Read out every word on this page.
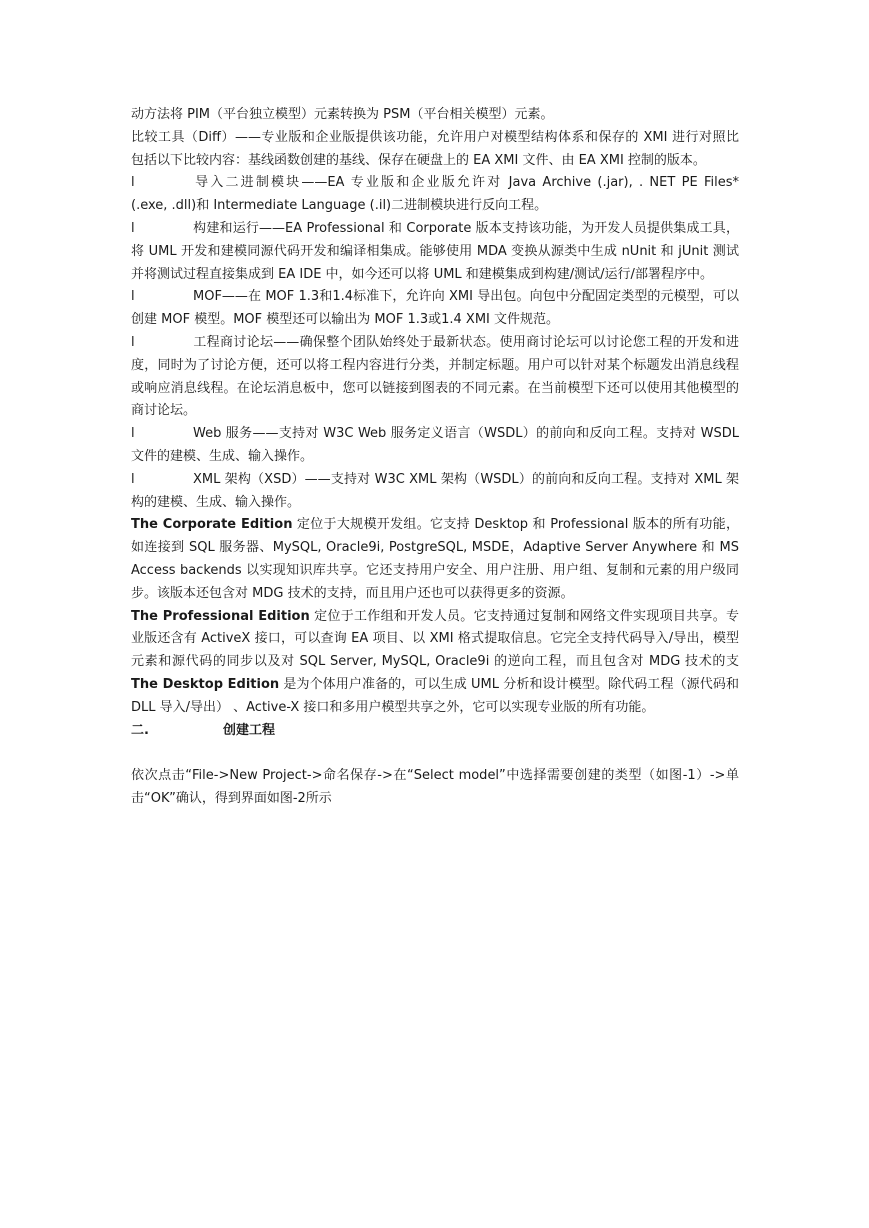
动方法将 PIM（平台独立模型）元素转换为 PSM（平台相关模型）元素。
比较工具（Diff）——专业版和企业版提供该功能，允许用户对模型结构体系和保存的 XMI 进行对照比
包括以下比较内容：基线函数创建的基线、保存在硬盘上的 EA XMI 文件、由 EA XMI 控制的版本。
l	导入二进制模块——EA 专业版和企业版允许对 Java Archive (.jar), . NET PE Files*
(.exe, .dll)和 Intermediate Language (.il)二进制模块进行反向工程。
l	构建和运行——EA Professional 和 Corporate 版本支持该功能，为开发人员提供集成工具，
将 UML 开发和建模同源代码开发和编译相集成。能够使用 MDA 变换从源类中生成 nUnit 和 jUnit 测试
并将测试过程直接集成到 EA IDE 中，如今还可以将 UML 和建模集成到构建/测试/运行/部署程序中。
l	MOF——在 MOF 1.3和1.4标准下，允许向 XMI 导出包。向包中分配固定类型的元模型，可以
创建 MOF 模型。MOF 模型还可以输出为 MOF 1.3或1.4 XMI 文件规范。
l	工程商讨论坛——确保整个团队始终处于最新状态。使用商讨论坛可以讨论您工程的开发和进
度，同时为了讨论方便，还可以将工程内容进行分类，并制定标题。用户可以针对某个标题发出消息线程
或响应消息线程。在论坛消息板中，您可以链接到图表的不同元素。在当前模型下还可以使用其他模型的
商讨论坛。
l	Web 服务——支持对 W3C Web 服务定义语言（WSDL）的前向和反向工程。支持对 WSDL
文件的建模、生成、输入操作。
l	XML 架构（XSD）——支持对 W3C XML 架构（WSDL）的前向和反向工程。支持对 XML 架
构的建模、生成、输入操作。
The Corporate Edition 定位于大规模开发组。它支持 Desktop 和 Professional 版本的所有功能，
如连接到 SQL 服务器、MySQL, Oracle9i, PostgreSQL, MSDE，Adaptive Server Anywhere 和 MS
Access backends 以实现知识库共享。它还支持用户安全、用户注册、用户组、复制和元素的用户级同
步。该版本还包含对 MDG 技术的支持，而且用户还也可以获得更多的资源。
The Professional Edition 定位于工作组和开发人员。它支持通过复制和网络文件实现项目共享。专
业版还含有 ActiveX 接口，可以查询 EA 项目、以 XMI 格式提取信息。它完全支持代码导入/导出，模型
元素和源代码的同步以及对 SQL Server, MySQL, Oracle9i 的逆向工程，而且包含对 MDG 技术的支
The Desktop Edition 是为个体用户准备的，可以生成 UML 分析和设计模型。除代码工程（源代码和
DLL 导入/导出） 、Active-X 接口和多用户模型共享之外，它可以实现专业版的所有功能。
二.	创建工程
依次点击“File->New Project->命名保存->在“Select model”中选择需要创建的类型（如图-1）->单
击“OK”确认，得到界面如图-2所示
